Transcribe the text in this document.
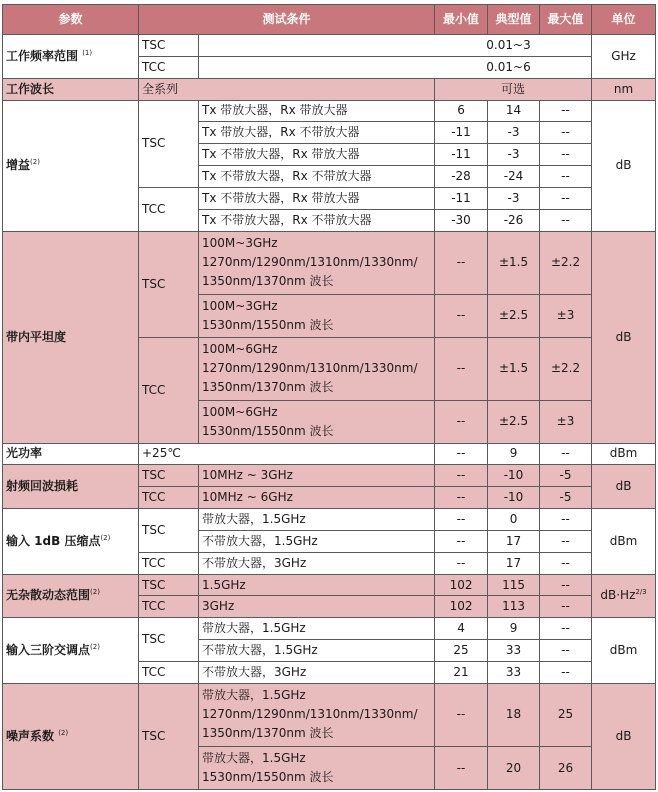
参数	测试条件		最小值	典型值	最大值	单位
工作频率范围 $^{(1)}$	TSC	0.01~3				GHz
	TCC	0.01~6				
工作波长	全系列		可选			nm
增益$^{(2)}$	TSC	Tx 带放大器，Rx 带放大器	6	14	--	dB
		Tx 带放大器，Rx 不带放大器	-11	-3	--	
		Tx 不带放大器，Rx 带放大器	-11	-3	--	
		Tx 不带放大器，Rx 不带放大器	-28	-24	--	
	TCC	Tx 不带放大器，Rx 带放大器	-11	-3	--	
		Tx 不带放大器，Rx 不带放大器	-30	-26	--	
带内平坦度	TSC	100M~3GHz
1270nm/1290nm/1310nm/1330nm/
1350nm/1370nm 波长	--	±1.5	±2.2	dB

		100M~3GHz
1530nm/1550nm 波长	--	±2.5	±3	
	TCC	100M~6GHz
1270nm/1290nm/1310nm/1330nm/
1350nm/1370nm 波长	--	±1.5	±2.2	

		100M~6GHz
1530nm/1550nm 波长	--	±2.5	±3	
光功率	+25℃		--	9	--	dBm
射频回波损耗	TSC	10MHz ~ 3GHz	--	-10	-5	dB
	TCC	10MHz ~ 6GHz	--	-10	-5	
输入 1dB 压缩点$^{(2)}$	TSC	带放大器，1.5GHz	--	0	--	dBm
		不带放大器，1.5GHz	--	17	--	
	TCC	不带放大器，3GHz	--	17	--	
无杂散动态范围$^{(2)}$	TSC	1.5GHz	102	115	--	$dB\cdot Hz^{2/3}$
	TCC	3GHz	102	113	--	
输入三阶交调点$^{(2)}$	TSC	带放大器，1.5GHz	4	9	--	dBm
		不带放大器，1.5GHz	25	33	--	
	TCC	不带放大器，3GHz	21	33	--	
噪声系数 $^{(2)}$	TSC	带放大器，1.5GHz
1270nm/1290nm/1310nm/1330nm/
1350nm/1370nm 波长	--	18	25	dB

		带放大器，1.5GHz
1530nm/1550nm 波长	--	20	26	
